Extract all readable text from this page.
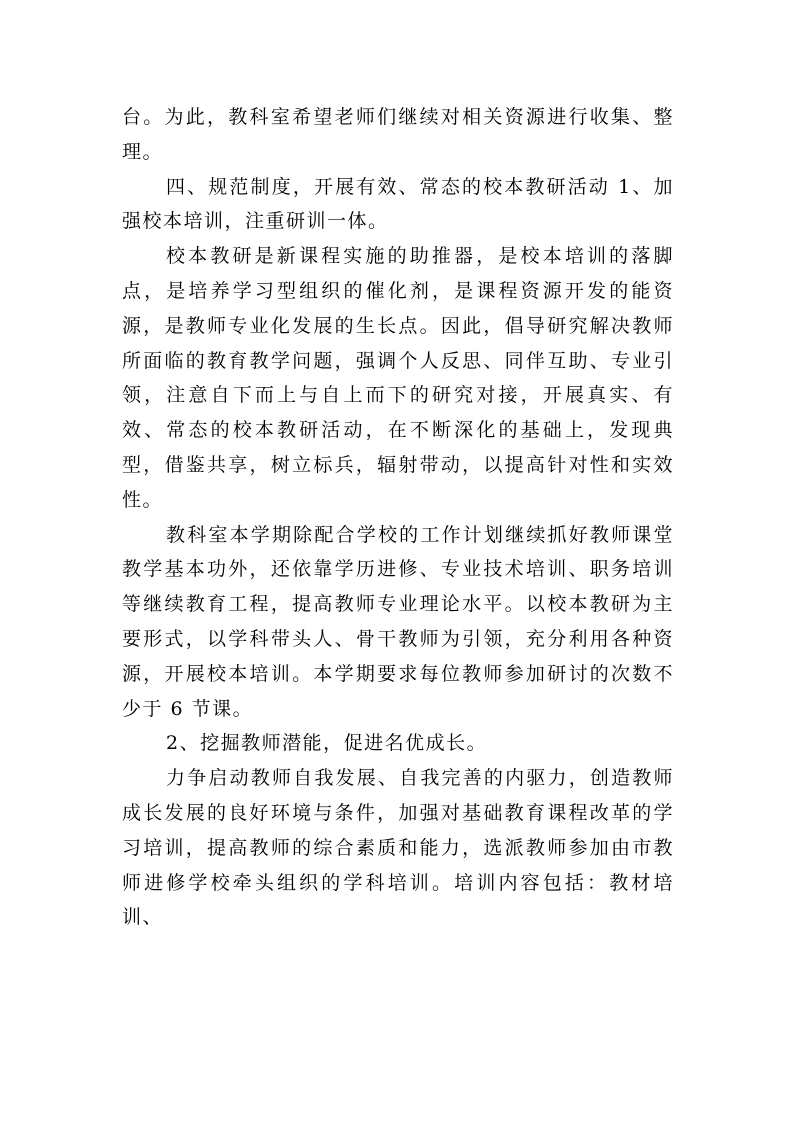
台。为此，教科室希望老师们继续对相关资源进行收集、整理。

四、规范制度，开展有效、常态的校本教研活动 1、加强校本培训，注重研训一体。

校本教研是新课程实施的助推器，是校本培训的落脚点，是培养学习型组织的催化剂，是课程资源开发的能资源，是教师专业化发展的生长点。因此，倡导研究解决教师所面临的教育教学问题，强调个人反思、同伴互助、专业引领，注意自下而上与自上而下的研究对接，开展真实、有效、常态的校本教研活动，在不断深化的基础上，发现典型，借鉴共享，树立标兵，辐射带动，以提高针对性和实效性。

教科室本学期除配合学校的工作计划继续抓好教师课堂教学基本功外，还依靠学历进修、专业技术培训、职务培训等继续教育工程，提高教师专业理论水平。以校本教研为主要形式，以学科带头人、骨干教师为引领，充分利用各种资源，开展校本培训。本学期要求每位教师参加研讨的次数不少于 6 节课。

2、挖掘教师潜能，促进名优成长。

力争启动教师自我发展、自我完善的内驱力，创造教师成长发展的良好环境与条件，加强对基础教育课程改革的学习培训，提高教师的综合素质和能力，选派教师参加由市教师进修学校牵头组织的学科培训。培训内容包括：教材培训、
